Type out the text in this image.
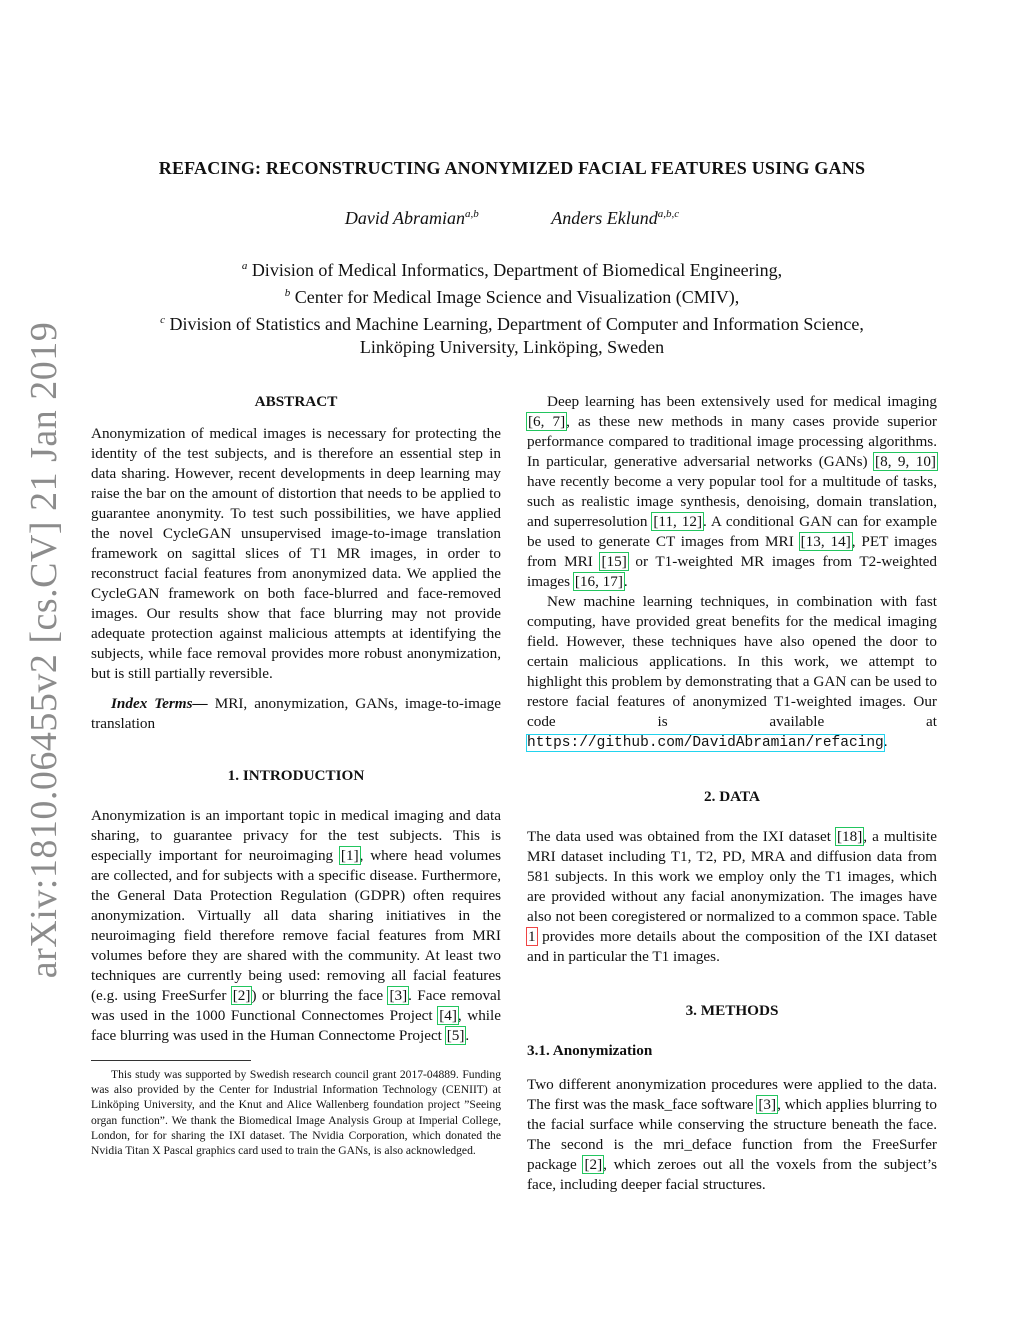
arXiv:1810.06455v2 [cs.CV] 21 Jan 2019
REFACING: RECONSTRUCTING ANONYMIZED FACIAL FEATURES USING GANS
David Abramian$^{a,b}$	Anders Eklund$^{a,b,c}$
$^a$ Division of Medical Informatics, Department of Biomedical Engineering,
$^b$ Center for Medical Image Science and Visualization (CMIV),
$^c$ Division of Statistics and Machine Learning, Department of Computer and Information Science,
Linköping University, Linköping, Sweden
ABSTRACT

Anonymization of medical images is necessary for protecting the identity of the test subjects, and is therefore an essential step in data sharing. However, recent developments in deep learning may raise the bar on the amount of distortion that needs to be applied to guarantee anonymity. To test such possibilities, we have applied the novel CycleGAN unsupervised image-to-image translation framework on sagittal slices of T1 MR images, in order to reconstruct facial features from anonymized data. We applied the CycleGAN framework on both face-blurred and face-removed images. Our results show that face blurring may not provide adequate protection against malicious attempts at identifying the subjects, while face removal provides more robust anonymization, but is still partially reversible.

Index Terms— MRI, anonymization, GANs, image-to-image translation

1. INTRODUCTION

Anonymization is an important topic in medical imaging and data sharing, to guarantee privacy for the test subjects. This is especially important for neuroimaging [1], where head volumes are collected, and for subjects with a specific disease. Furthermore, the General Data Protection Regulation (GDPR) often requires anonymization. Virtually all data sharing initiatives in the neuroimaging field therefore remove facial features from MRI volumes before they are shared with the community. At least two techniques are currently being used: removing all facial features (e.g. using FreeSurfer [2]) or blurring the face [3]. Face removal was used in the 1000 Functional Connectomes Project [4], while face blurring was used in the Human Connectome Project [5].

This study was supported by Swedish research council grant 2017-04889. Funding was also provided by the Center for Industrial Information Technology (CENIIT) at Linköping University, and the Knut and Alice Wallenberg foundation project ”Seeing organ function”. We thank the Biomedical Image Analysis Group at Imperial College, London, for for sharing the IXI dataset. The Nvidia Corporation, which donated the Nvidia Titan X Pascal graphics card used to train the GANs, is also acknowledged.

Deep learning has been extensively used for medical imaging [6, 7], as these new methods in many cases provide superior performance compared to traditional image processing algorithms. In particular, generative adversarial networks (GANs) [8, 9, 10] have recently become a very popular tool for a multitude of tasks, such as realistic image synthesis, denoising, domain translation, and superresolution [11, 12]. A conditional GAN can for example be used to generate CT images from MRI [13, 14], PET images from MRI [15] or T1-weighted MR images from T2-weighted images [16, 17].

New machine learning techniques, in combination with fast computing, have provided great benefits for the medical imaging field. However, these techniques have also opened the door to certain malicious applications. In this work, we attempt to highlight this problem by demonstrating that a GAN can be used to restore facial features of anonymized T1-weighted images. Our code is available at https://github.com/DavidAbramian/refacing.

2. DATA

The data used was obtained from the IXI dataset [18], a multisite MRI dataset including T1, T2, PD, MRA and diffusion data from 581 subjects. In this work we employ only the T1 images, which are provided without any facial anonymization. The images have also not been coregistered or normalized to a common space. Table 1 provides more details about the composition of the IXI dataset and in particular the T1 images.

3. METHODS
3.1. Anonymization

Two different anonymization procedures were applied to the data. The first was the mask_face software [3], which applies blurring to the facial surface while conserving the structure beneath the face. The second is the mri_deface function from the FreeSurfer package [2], which zeroes out all the voxels from the subject’s face, including deeper facial structures.
